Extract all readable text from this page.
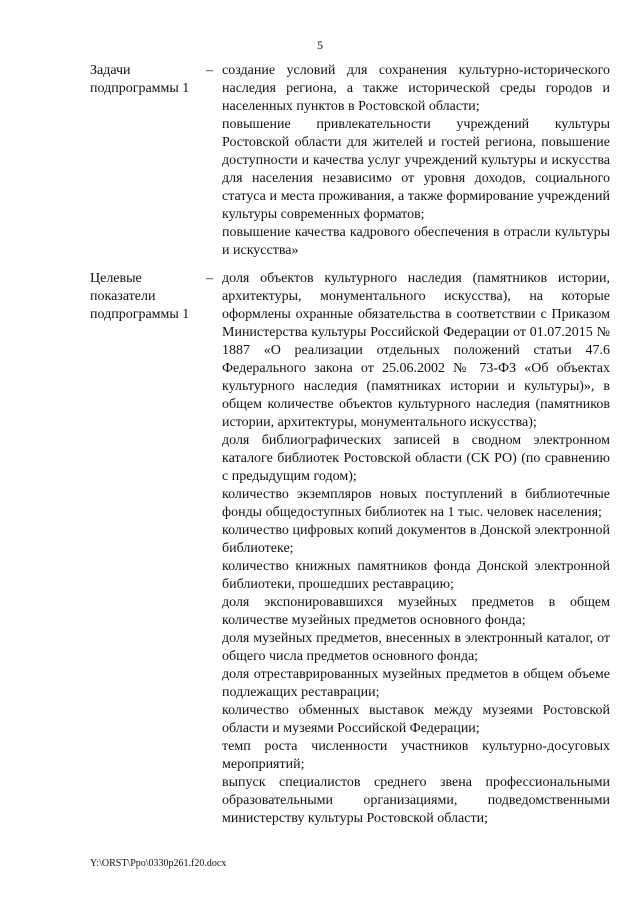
5
Задачи подпрограммы 1
– создание условий для сохранения культурно-исторического наследия региона, а также исторической среды городов и населенных пунктов в Ростовской области;

повышение привлекательности учреждений культуры Ростовской области для жителей и гостей региона, повышение доступности и качества услуг учреждений культуры и искусства для населения независимо от уровня доходов, социального статуса и места проживания, а также формирование учреждений культуры современных форматов;

повышение качества кадрового обеспечения в отрасли культуры и искусства»

Целевые показатели подпрограммы 1
– доля объектов культурного наследия (памятников истории, архитектуры, монументального искусства), на которые оформлены охранные обязательства в соответствии с Приказом Министерства культуры Российской Федерации от 01.07.2015 № 1887 «О реализации отдельных положений статьи 47.6 Федерального закона от 25.06.2002 № 73-ФЗ «Об объектах культурного наследия (памятниках истории и культуры)», в общем количестве объектов культурного наследия (памятников истории, архитектуры, монументального искусства);

доля библиографических записей в сводном электронном каталоге библиотек Ростовской области (СК РО) (по сравнению с предыдущим годом);

количество экземпляров новых поступлений в библиотечные фонды общедоступных библиотек на 1 тыс. человек населения;

количество цифровых копий документов в Донской электронной библиотеке;

количество книжных памятников фонда Донской электронной библиотеки, прошедших реставрацию;

доля экспонировавшихся музейных предметов в общем количестве музейных предметов основного фонда;

доля музейных предметов, внесенных в электронный каталог, от общего числа предметов основного фонда;

доля отреставрированных музейных предметов в общем объеме подлежащих реставрации;

количество обменных выставок между музеями Ростовской области и музеями Российской Федерации;

темп роста численности участников культурно-досуговых мероприятий;

выпуск специалистов среднего звена профессиональными образовательными организациями, подведомственными министерству культуры Ростовской области;

Y:\ORST\Ppo\0330p261.f20.docx
